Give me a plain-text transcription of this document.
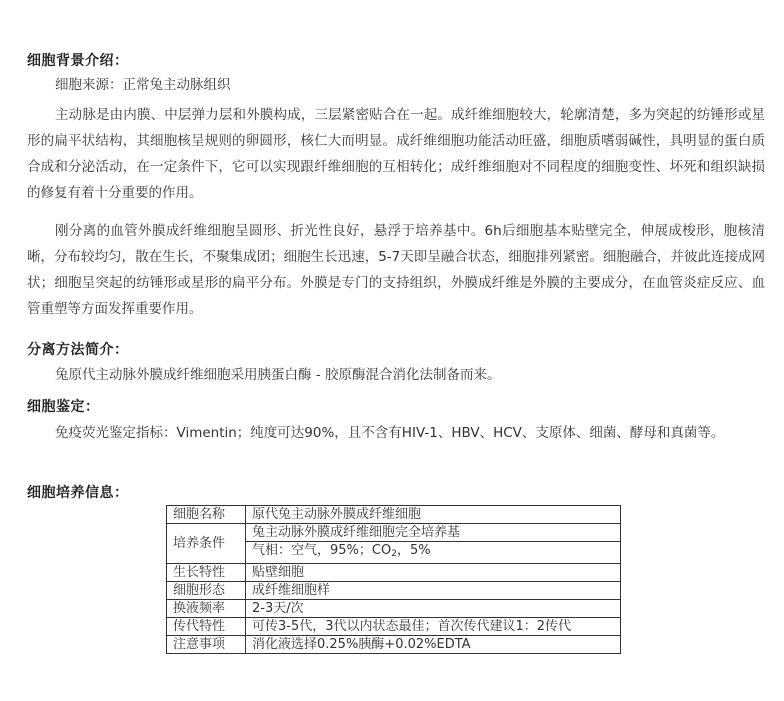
细胞背景介绍：
细胞来源：正常兔主动脉组织
主动脉是由内膜、中层弹力层和外膜构成，三层紧密贴合在一起。成纤维细胞较大，轮廓清楚，多为突起的纺锤形或星形的扁平状结构，其细胞核呈规则的卵圆形，核仁大而明显。成纤维细胞功能活动旺盛，细胞质嗜弱碱性，具明显的蛋白质合成和分泌活动，在一定条件下，它可以实现跟纤维细胞的互相转化；成纤维细胞对不同程度的细胞变性、坏死和组织缺损的修复有着十分重要的作用。
刚分离的血管外膜成纤维细胞呈圆形、折光性良好，悬浮于培养基中。6h后细胞基本贴壁完全，伸展成梭形，胞核清晰，分布较均匀，散在生长，不聚集成团；细胞生长迅速，5-7天即呈融合状态，细胞排列紧密。细胞融合，并彼此连接成网状；细胞呈突起的纺锤形或星形的扁平分布。外膜是专门的支持组织，外膜成纤维是外膜的主要成分，在血管炎症反应、血管重塑等方面发挥重要作用。
分离方法简介：
兔原代主动脉外膜成纤维细胞采用胰蛋白酶 - 胶原酶混合消化法制备而来。
细胞鉴定：
免疫荧光鉴定指标：Vimentin；纯度可达90%，且不含有HIV-1、HBV、HCV、支原体、细菌、酵母和真菌等。
细胞培养信息：
细胞名称	原代兔主动脉外膜成纤维细胞
培养条件	兔主动脉外膜成纤维细胞完全培养基
	气相：空气，95%；$CO_2$，5%
生长特性	贴壁细胞
细胞形态	成纤维细胞样
换液频率	2-3天/次
传代特性	可传3-5代，3代以内状态最佳；首次传代建议1：2传代
注意事项	消化液选择0.25%胰酶+0.02%EDTA
